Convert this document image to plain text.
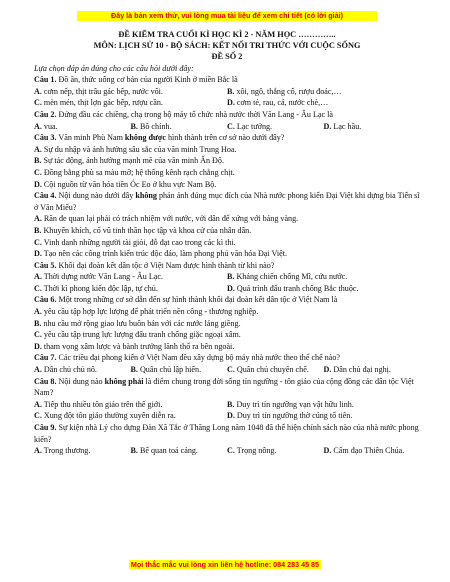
Đây là bản xem thử, vui lòng mua tài liệu để xem chi tiết (có lời giải)
ĐỀ KIỂM TRA CUỐI KÌ HỌC KÌ 2 - NĂM HỌC …………..
MÔN: LỊCH SỬ 10 - BỘ SÁCH: KẾT NỐI TRI THỨC VỚI CUỘC SỐNG
ĐỀ SỐ 2
Lựa chọn đáp án đúng cho các câu hỏi dưới đây:
Câu 1. Đồ ăn, thức uống cơ bản của người Kinh ở miền Bắc là
A. cơm nếp, thịt trâu gác bếp, nước vối.	B. xôi, ngô, thắng cố, rượu đoác,…
C. mèn mén, thịt lợn gác bếp, rượu cần.	D. cơm tẻ, rau, cá, nước chè,…
Câu 2. Đứng đầu các chiềng, chạ trong bộ máy tổ chức nhà nước thời Văn Lang - Âu Lạc là
A. vua.	B. Bồ chính.	C. Lạc tướng.	D. Lạc hầu.
Câu 3. Văn minh Phù Nam không được hình thành trên cơ sở nào dưới đây?
A. Sự du nhập và ảnh hưởng sâu sắc của văn minh Trung Hoa.
B. Sự tác động, ảnh hưởng mạnh mẽ của văn minh Ấn Độ.
C. Đồng bằng phù sa màu mỡ; hệ thống kênh rạch chằng chịt.
D. Cội nguồn từ văn hóa tiền Óc Eo ở khu vực Nam Bộ.
Câu 4. Nội dung nào dưới đây không phản ánh đúng mục đích của Nhà nước phong kiến Đại Việt khi dựng bia Tiến sĩ ở Văn Miếu?
A. Răn đe quan lại phải có trách nhiệm với nước, với dân để xứng với bảng vàng.
B. Khuyến khích, cổ vũ tinh thần học tập và khoa cử của nhân dân.
C. Vinh danh những người tài giỏi, đỗ đạt cao trong các kì thi.
D. Tạo nên các công trình kiến trúc độc đáo, làm phong phú văn hóa Đại Việt.
Câu 5. Khối đại đoàn kết dân tộc ở Việt Nam được hình thành từ khi nào?
A. Thời dựng nước Văn Lang - Âu Lạc.	B. Kháng chiến chống Mĩ, cứu nước.
C. Thời kì phong kiến độc lập, tự chủ.	D. Quá trình đấu tranh chống Bắc thuộc.
Câu 6. Một trong những cơ sở dẫn đến sự hình thành khối đại đoàn kết dân tộc ở Việt Nam là
A. yêu cầu tập hợp lực lượng để phát triển nền công - thương nghiệp.
B. nhu cầu mở rộng giao lưu buôn bán với các nước láng giềng.
C. yêu cầu tập trung lực lượng đấu tranh chống giặc ngoại xâm.
D. tham vọng xâm lược và bành trướng lãnh thổ ra bên ngoài.
Câu 7. Các triều đại phong kiến ở Việt Nam đều xây dựng bộ máy nhà nước theo thể chế nào?
A. Dân chủ chủ nô.	B. Quân chủ lập hiến.	C. Quân chủ chuyên chế.	D. Dân chủ đại nghị.
Câu 8. Nội dung nào không phải là điểm chung trong đời sống tín ngưỡng - tôn giáo của cộng đồng các dân tộc Việt Nam?
A. Tiếp thu nhiều tôn giáo trên thế giới.	B. Duy trì tín ngưỡng vạn vật hữu linh.
C. Xung đột tôn giáo thường xuyên diễn ra.	D. Duy trì tín ngưỡng thờ cúng tổ tiên.
Câu 9. Sự kiện nhà Lý cho dựng Đàn Xã Tắc ở Thăng Long năm 1048 đã thể hiện chính sách nào của nhà nước phong kiến?
A. Trọng thương.	B. Bế quan toả cảng.	C. Trọng nông.	D. Cấm đạo Thiên Chúa.
Mọi thắc mắc vui lòng xin liên hệ hotline: 084 283 45 85
